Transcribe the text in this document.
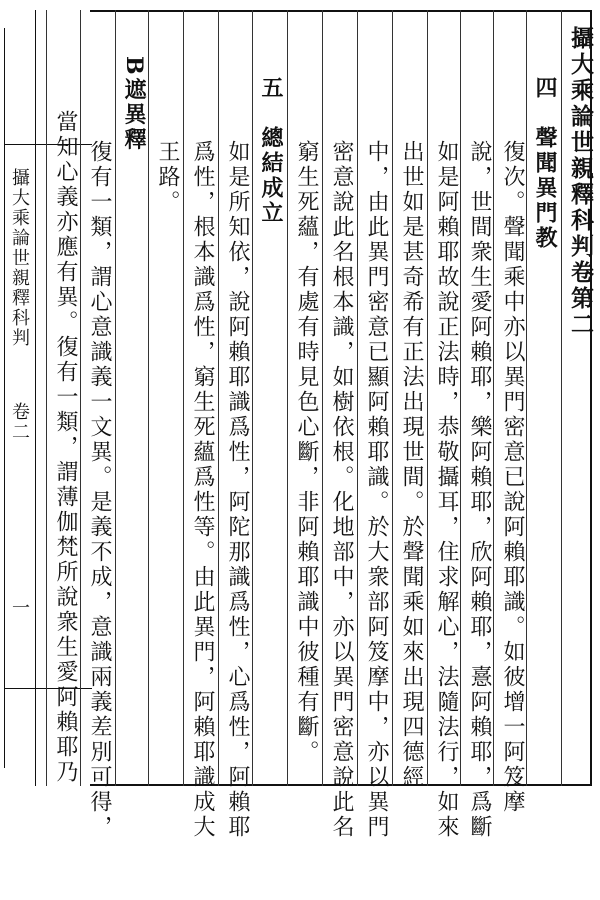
攝大乘論世親釋科判
卷二
一
攝大乘論世親釋科判卷第二
四　聲聞異門教
復次。聲聞乘中亦以異門密意已說阿賴耶識。如彼增一阿笈摩
說，世間衆生愛阿賴耶，樂阿賴耶，欣阿賴耶，憙阿賴耶，爲斷
如是阿賴耶故說正法時，恭敬攝耳，住求解心，法隨法行，如來
出世如是甚奇希有正法出現世間。於聲聞乘如來出現四德經
中，由此異門密意已顯阿賴耶識。於大衆部阿笈摩中，亦以異門
密意說此名根本識，如樹依根。化地部中，亦以異門密意說此名
窮生死蘊，有處有時見色心斷，非阿賴耶識中彼種有斷。
五　總結成立
如是所知依，說阿賴耶識爲性，阿陀那識爲性，心爲性，阿賴耶
爲性，根本識爲性，窮生死蘊爲性等。由此異門，阿賴耶識成大
王路。
B遮異釋
復有一類，謂心意識義一文異。是義不成，意識兩義差別可得，
當知心義亦應有異。復有一類，謂薄伽梵所說衆生愛阿賴耶乃
